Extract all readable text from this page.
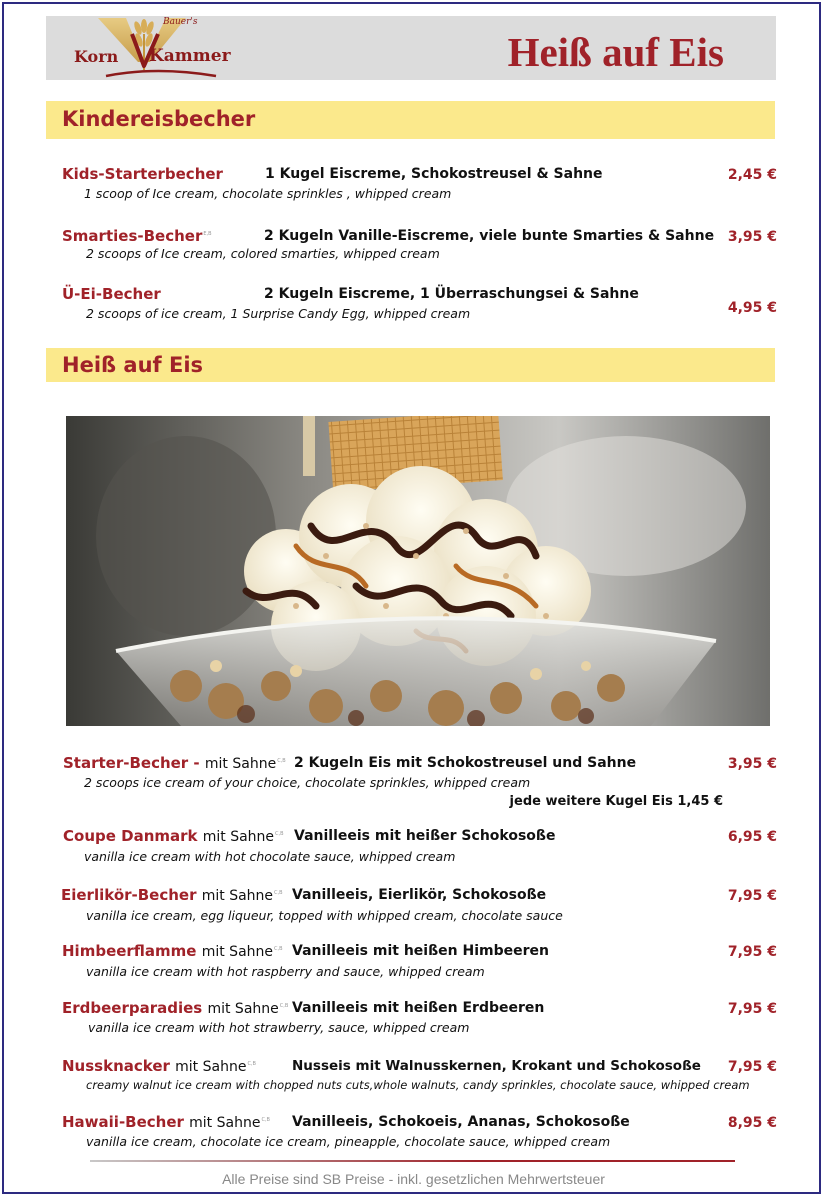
Bauer's
Korn Kammer	Heiß auf Eis
Kindereisbecher
Kids-Starterbecher	1 Kugel Eiscreme, Schokostreusel & Sahne
1 scoop of Ice cream, chocolate sprinkles , whipped cream
2,45 €
Smarties-Becher$^{E,B}$	2 Kugeln Vanille-Eiscreme, viele bunte Smarties & Sahne
2 scoops of Ice cream, colored smarties, whipped cream
3,95 €
Ü-Ei-Becher	2 Kugeln Eiscreme, 1 Überraschungsei & Sahne
2 scoops of ice cream, 1 Surprise Candy Egg, whipped cream	4,95 €
Heiß auf Eis
Starter-Becher - mit Sahne$^{C,B}$ 2 Kugeln Eis mit Schokostreusel und Sahne
2 scoops ice cream of your choice, chocolate sprinkles, whipped cream
3,95 €
jede weitere Kugel Eis 1,45 €
Coupe Danmark mit Sahne$^{C,B}$ Vanilleeis mit heißer Schokosoße
vanilla ice cream with hot chocolate sauce, whipped cream
6,95 €
Eierlikör-Becher mit Sahne$^{C,B}$ Vanilleeis, Eierlikör, Schokosoße
vanilla ice cream, egg liqueur, topped with whipped cream, chocolate sauce
7,95 €
Himbeerflamme mit Sahne$^{C,B}$ Vanilleeis mit heißen Himbeeren
vanilla ice cream with hot raspberry and sauce, whipped cream
7,95 €
Erdbeerparadies mit Sahne$^{C,B}$ Vanilleeis mit heißen Erdbeeren
vanilla ice cream with hot strawberry, sauce, whipped cream
7,95 €
Nussknacker mit Sahne$^{C,B}$	Nusseis mit Walnusskernen, Krokant und Schokosoße
creamy walnut ice cream with chopped nuts cuts,whole walnuts, candy sprinkles, chocolate sauce, whipped cream
7,95 €
Hawaii-Becher mit Sahne$^{C,B}$ Vanilleeis, Schokoeis, Ananas, Schokosoße
vanilla ice cream, chocolate ice cream, pineapple, chocolate sauce, whipped cream
8,95 €
Alle Preise sind SB Preise - inkl. gesetzlichen Mehrwertsteuer
